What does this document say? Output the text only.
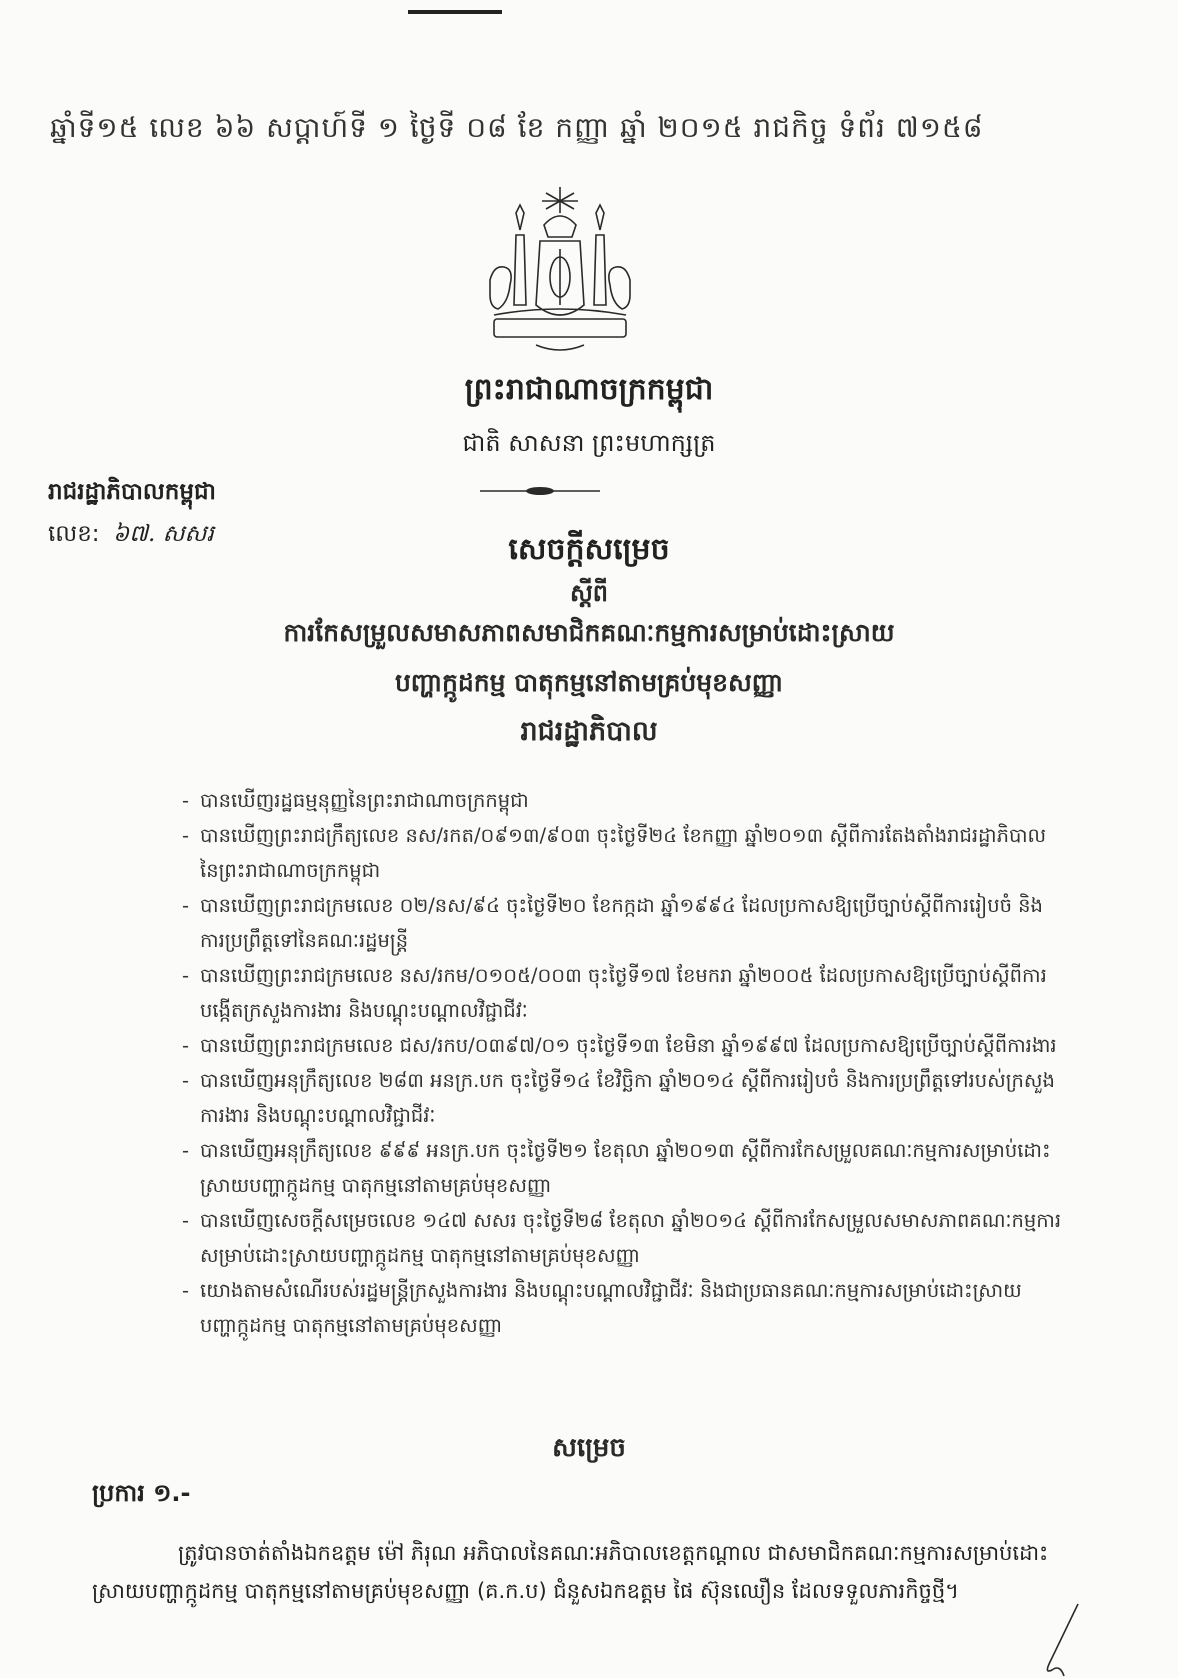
ឆ្នាំទី១៥ លេខ ៦៦ សប្តាហ៍ទី ១ ថ្ងៃទី ០៨ ខែ កញ្ញា ឆ្នាំ ២០១៥ រាជកិច្ច ទំព័រ ៧១៥៨
ព្រះរាជាណាចក្រកម្ពុជា
ជាតិ សាសនា ព្រះមហាក្សត្រ
រាជរដ្ឋាភិបាលកម្ពុជា
លេខ: ៦៧. សសរ	សេចក្តីសម្រេច
ស្តីពី
ការកែសម្រួលសមាសភាពសមាជិកគណៈកម្មការសម្រាប់ដោះស្រាយ
បញ្ហាក្កូដកម្ម បាតុកម្មនៅតាមគ្រប់មុខសញ្ញា
រាជរដ្ឋាភិបាល
- បានឃើញរដ្ឋធម្មនុញ្ញនៃព្រះរាជាណាចក្រកម្ពុជា
- បានឃើញព្រះរាជក្រឹត្យលេខ នស/រកត/០៩១៣/៩០៣ ចុះថ្ងៃទី២៤ ខែកញ្ញា ឆ្នាំ២០១៣ ស្តីពីការតែងតាំងរាជរដ្ឋាភិបាល នៃព្រះរាជាណាចក្រកម្ពុជា
- បានឃើញព្រះរាជក្រមលេខ ០២/នស/៩៤ ចុះថ្ងៃទី២០ ខែកក្កដា ឆ្នាំ១៩៩៤ ដែលប្រកាសឱ្យប្រើច្បាប់ស្តីពីការរៀបចំ និងការប្រព្រឹត្តទៅនៃគណៈរដ្ឋមន្ត្រី
- បានឃើញព្រះរាជក្រមលេខ នស/រកម/០១០៥/០០៣ ចុះថ្ងៃទី១៧ ខែមករា ឆ្នាំ២០០៥ ដែលប្រកាសឱ្យប្រើច្បាប់ស្តីពីការបង្កើតក្រសួងការងារ និងបណ្តុះបណ្តាលវិជ្ជាជីវៈ
- បានឃើញព្រះរាជក្រមលេខ ជស/រកប/០៣៩៧/០១ ចុះថ្ងៃទី១៣ ខែមិនា ឆ្នាំ១៩៩៧ ដែលប្រកាសឱ្យប្រើច្បាប់ស្តីពីការងារ
- បានឃើញអនុក្រឹត្យលេខ ២៨៣ អនក្រ.បក ចុះថ្ងៃទី១៤ ខែវិច្ឆិកា ឆ្នាំ២០១៤ ស្តីពីការរៀបចំ និងការប្រព្រឹត្តទៅរបស់ក្រសួងការងារ និងបណ្តុះបណ្តាលវិជ្ជាជីវៈ
- បានឃើញអនុក្រឹត្យលេខ ៩៩៩ អនក្រ.បក ចុះថ្ងៃទី២១ ខែតុលា ឆ្នាំ២០១៣ ស្តីពីការកែសម្រួលគណៈកម្មការសម្រាប់ដោះស្រាយបញ្ហាក្កូដកម្ម បាតុកម្មនៅតាមគ្រប់មុខសញ្ញា
- បានឃើញសេចក្តីសម្រេចលេខ ១៤៧ សសរ ចុះថ្ងៃទី២៨ ខែតុលា ឆ្នាំ២០១៤ ស្តីពីការកែសម្រួលសមាសភាពគណៈកម្មការសម្រាប់ដោះស្រាយបញ្ហាក្កូដកម្ម បាតុកម្មនៅតាមគ្រប់មុខសញ្ញា
- យោងតាមសំណើរបស់រដ្ឋមន្ត្រីក្រសួងការងារ និងបណ្តុះបណ្តាលវិជ្ជាជីវៈ និងជាប្រធានគណៈកម្មការសម្រាប់ដោះស្រាយបញ្ហាក្កូដកម្ម បាតុកម្មនៅតាមគ្រប់មុខសញ្ញា
សម្រេច
ប្រការ ១.-
ត្រូវបានចាត់តាំងឯកឧត្តម ម៉ៅ ភិរុណ អភិបាលនៃគណៈអភិបាលខេត្តកណ្តាល ជាសមាជិកគណៈកម្មការសម្រាប់ដោះស្រាយបញ្ហាក្កូដកម្ម បាតុកម្មនៅតាមគ្រប់មុខសញ្ញា (គ.ក.ប) ជំនួសឯកឧត្តម ផៃ ស៊ុនឈឿន ដែលទទួលភារកិច្ចថ្មី។
